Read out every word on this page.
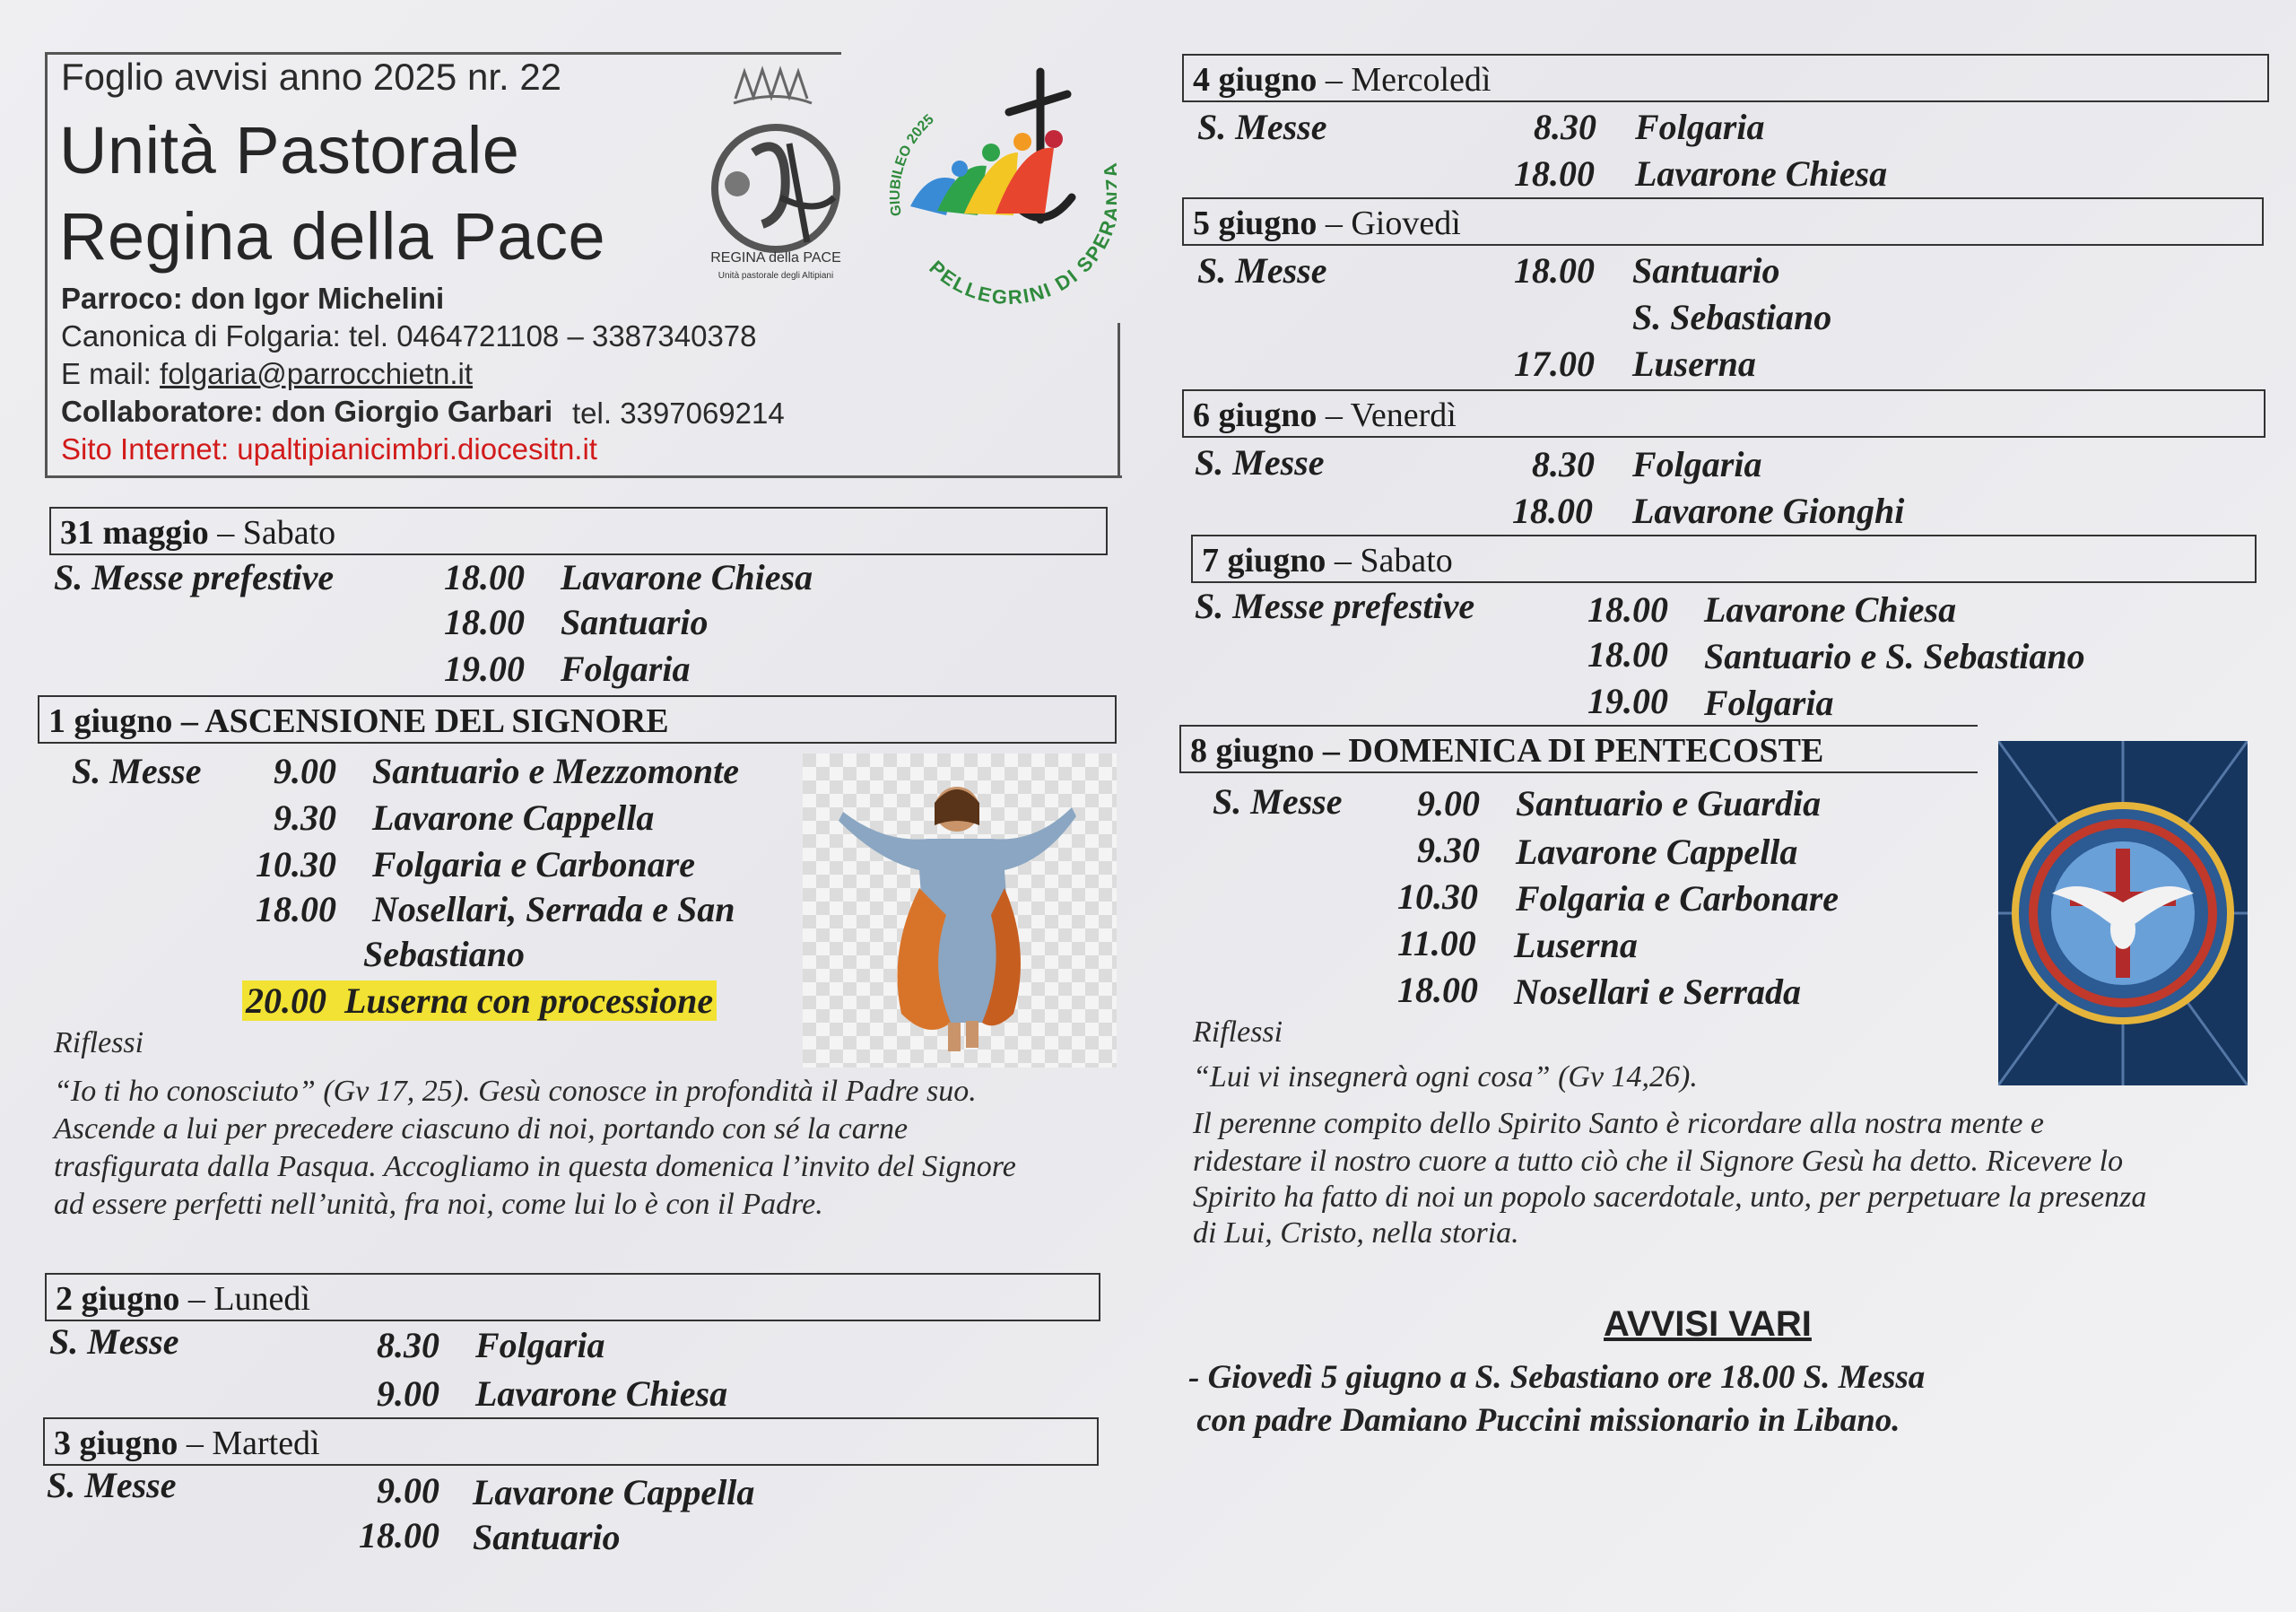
Foglio avvisi anno 2025 nr. 22
Unità Pastorale
Regina della Pace
Parroco: don Igor Michelini
Canonica di Folgaria: tel. 0464721108 – 3387340378
E mail: folgaria@parrocchietn.it
Collaboratore: don Giorgio Garbari tel. 3397069214
Sito Internet: upaltipianicimbri.diocesitn.it
REGINA della PACE
Unità pastorale degli Altipiani
GIUBILEO 2025
PELLEGRINI DI SPE
31 maggio – Sabato
S. Messe prefestive	18.00 Lavarone Chiesa
18.00 Santuario
19.00 Folgaria
1 giugno – ASCENSIONE DEL SIGNORE
S. Messe 9.00 Santuario e Mezzomonte
9.30 Lavarone Cappella
10.30 Folgaria e Carbonare
18.00 Nosellari, Serrada e San
Sebastiano
20.00 Luserna con processione
Riflessi
“Io ti ho conosciuto” (Gv 17, 25). Gesù conosce in profondità il Padre suo.
Ascende a lui per precedere ciascuno di noi, portando con sé la carne
trasfigurata dalla Pasqua. Accogliamo in questa domenica l’invito del Signore
ad essere perfetti nell’unità, fra noi, come lui lo è con il Padre.
2 giugno – Lunedì
S. Messe	8.30 Folgaria
9.00 Lavarone Chiesa
3 giugno – Martedì
S. Messe	9.00 Lavarone Cappella
18.00 Santuario
4 giugno – Mercoledì
S. Messe	8.30 Folgaria
18.00 Lavarone Chiesa
5 giugno – Giovedì
S. Messe	18.00 Santuario
S. Sebastiano
17.00 Luserna
6 giugno – Venerdì
S. Messe	8.30 Folgaria
18.00 Lavarone Gionghi
7 giugno – Sabato
S. Messe prefestive	18.00 Lavarone Chiesa
18.00 Santuario e S. Sebastiano
19.00 Folgaria
8 giugno – DOMENICA DI PENTECOSTE
S. Messe 9.00 Santuario e Guardia
9.30 Lavarone Cappella
10.30 Folgaria e Carbonare
11.00 Luserna
18.00 Nosellari e Serrada
Riflessi
“Lui vi insegnerà ogni cosa” (Gv 14,26).
Il perenne compito dello Spirito Santo è ricordare alla nostra mente e
ridestare il nostro cuore a tutto ciò che il Signore Gesù ha detto. Ricevere lo
Spirito ha fatto di noi un popolo sacerdotale, unto, per perpetuare la presenza
di Lui, Cristo, nella storia.
AVVISI VARI
- Giovedì 5 giugno a S. Sebastiano ore 18.00 S. Messa
con padre Damiano Puccini missionario in Libano.
